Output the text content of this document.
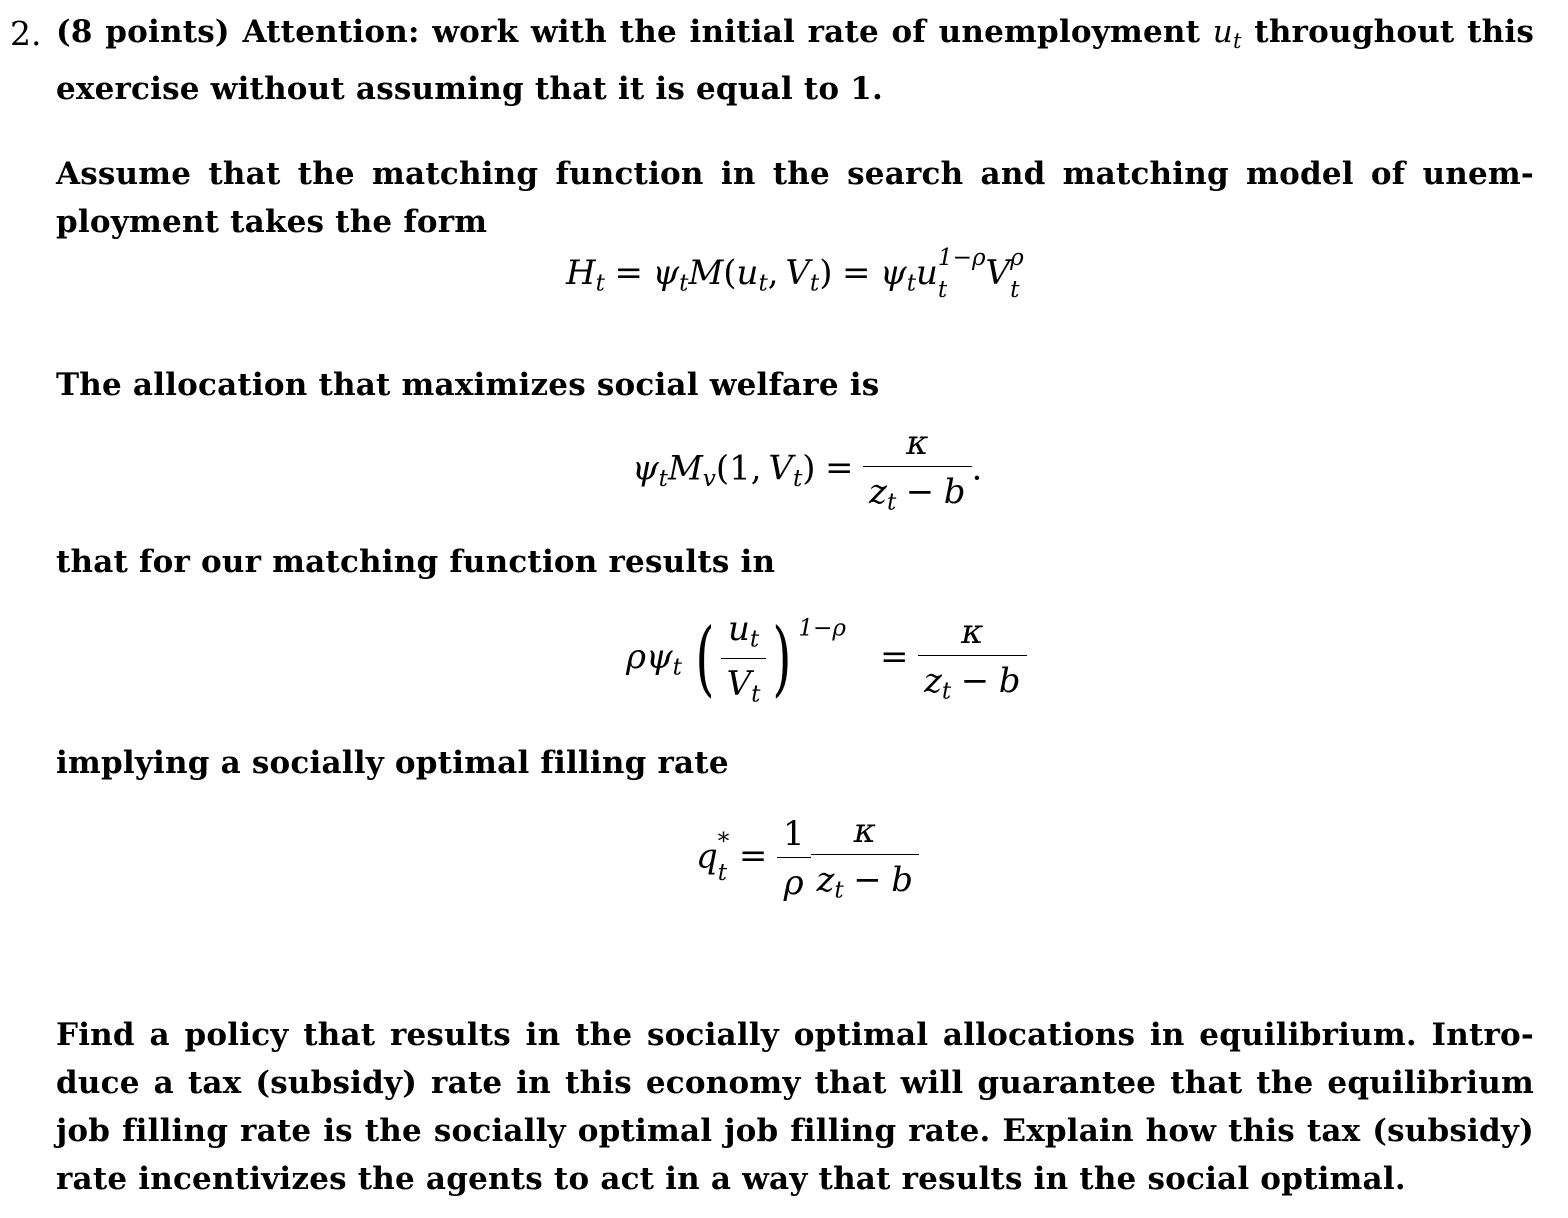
2. (8 points) Attention: work with the initial rate of unemployment $u_t$ throughout this exercise without assuming that it is equal to 1.
Assume that the matching function in the search and matching model of unem-ployment takes the form
$H_t = \psi_tM(u_t$,  $V_t) = \psi_tu$ 1−ρ
t	V ρ
t
The allocation that maximizes social welfare is
$\psi_tM_v(1$,  $V_t) = \frac{\kappa}{z_t - b}$ .
that for our matching function results in
$\rho\psi_t$  ( $\frac{u_t}{V_t}$ ) $^{1-\rho}= \frac{\kappa}{z_t - b}$
implying a socially optimal filling rate
q *
$t = \frac{1}{\rho} \frac{\kappa}{z_t - b}$
Find a policy that results in the socially optimal allocations in equilibrium. Intro-duce a tax (subsidy) rate in this economy that will guarantee that the equilibrium job filling rate is the socially optimal job filling rate. Explain how this tax (subsidy) rate incentivizes the agents to act in a way that results in the social optimal.
